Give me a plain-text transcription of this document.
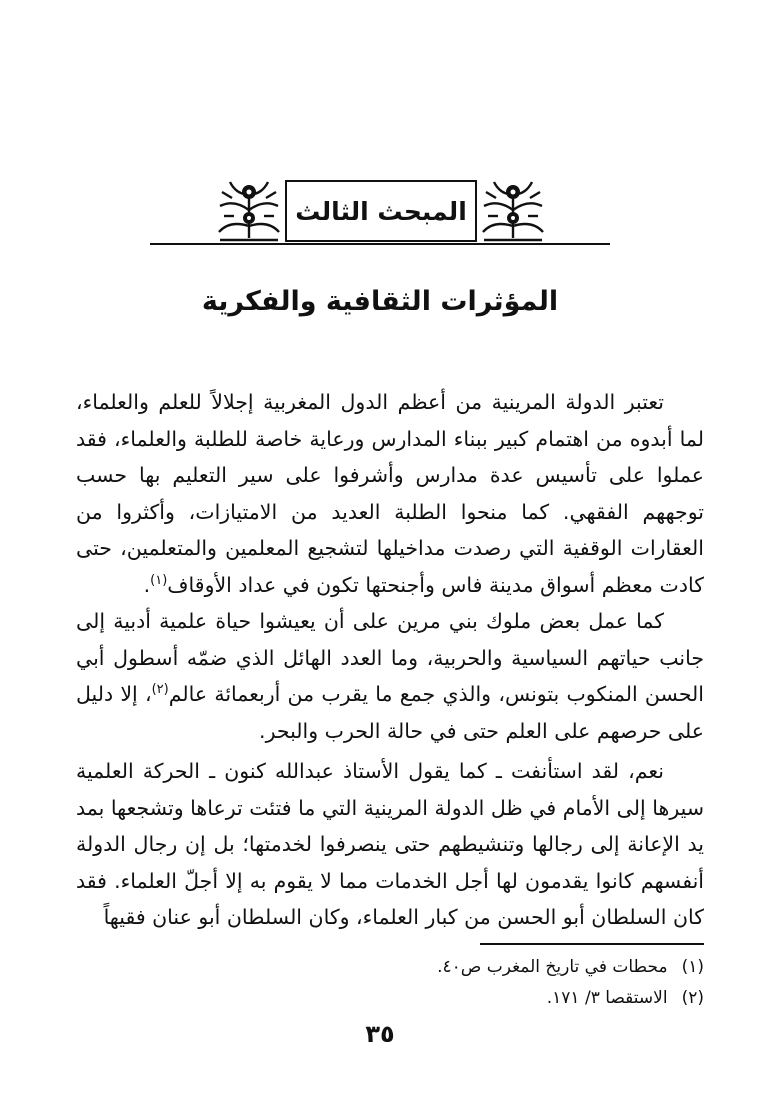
المبحث الثالث
المؤثرات الثقافية والفكرية

تعتبر الدولة المرينية من أعظم الدول المغربية إجلالاً للعلم والعلماء، لما أبدوه من اهتمام كبير ببناء المدارس ورعاية خاصة للطلبة والعلماء، فقد عملوا على تأسيس عدة مدارس وأشرفوا على سير التعليم بها حسب توجههم الفقهي. كما منحوا الطلبة العديد من الامتيازات، وأكثروا من العقارات الوقفية التي رصدت مداخيلها لتشجيع المعلمين والمتعلمين، حتى كادت معظم أسواق مدينة فاس وأجنحتها تكون في عداد الأوقاف$^{(١)}$.

كما عمل بعض ملوك بني مرين على أن يعيشوا حياة علمية أدبية إلى جانب حياتهم السياسية والحربية، وما العدد الهائل الذي ضمّه أسطول أبي الحسن المنكوب بتونس، والذي جمع ما يقرب من أربعمائة عالم$^{(٢)}$، إلا دليل على حرصهم على العلم حتى في حالة الحرب والبحر.

نعم، لقد استأنفت ـ كما يقول الأستاذ عبدالله كنون ـ الحركة العلمية سيرها إلى الأمام في ظل الدولة المرينية التي ما فتئت ترعاها وتشجعها بمد يد الإعانة إلى رجالها وتنشيطهم حتى ينصرفوا لخدمتها؛ بل إن رجال الدولة أنفسهم كانوا يقدمون لها أجل الخدمات مما لا يقوم به إلا أجلّ العلماء. فقد كان السلطان أبو الحسن من كبار العلماء، وكان السلطان أبو عنان فقيهاً

(١)
محطات في تاريخ المغرب ص٤٠.
(٢)
الاستقصا ٣/ ١٧١.
٣٥
